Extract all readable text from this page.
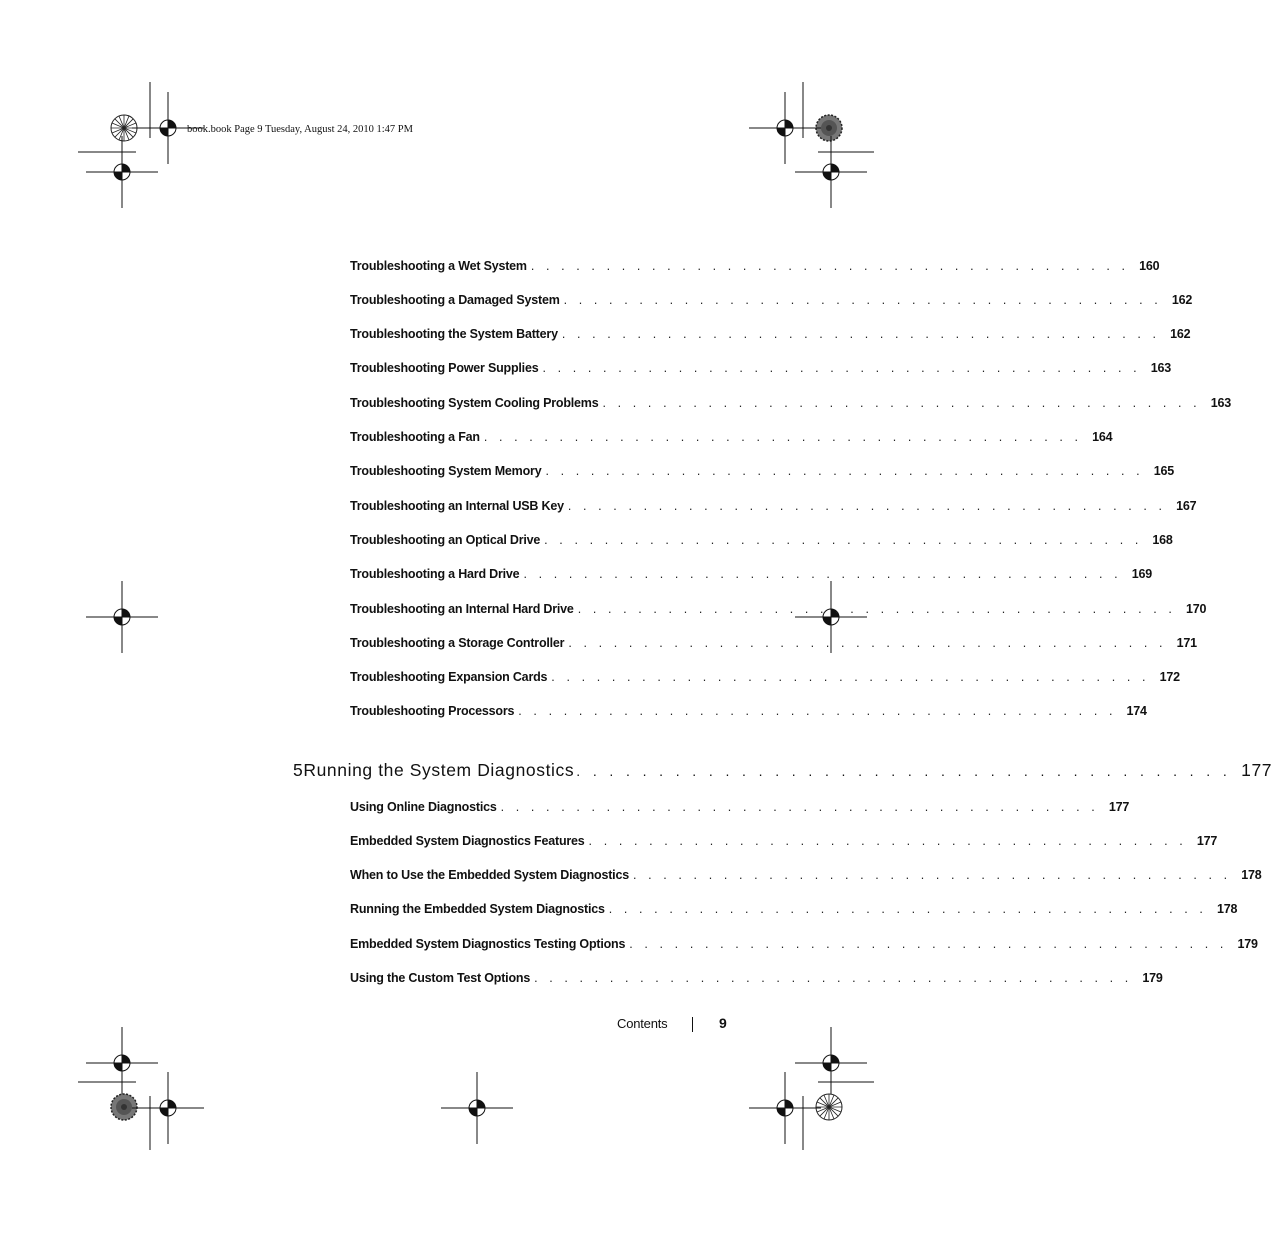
book.book Page 9 Tuesday, August 24, 2010 1:47 PM
Troubleshooting a Wet System . . . . . . . . . . . . . . . . . . . . . . . . . . . . . . . . . . . . . . . . 160
Troubleshooting a Damaged System . . . . . . . . . . . . . . . . . . . . . . . . . . . . . . . . . . . . . . . . 162
Troubleshooting the System Battery . . . . . . . . . . . . . . . . . . . . . . . . . . . . . . . . . . . . . . . . 162
Troubleshooting Power Supplies . . . . . . . . . . . . . . . . . . . . . . . . . . . . . . . . . . . . . . . . 163
Troubleshooting System Cooling Problems . . . . . . . . . . . . . . . . . . . . . . . . . . . . . . . . . . . . . . . . 163
Troubleshooting a Fan . . . . . . . . . . . . . . . . . . . . . . . . . . . . . . . . . . . . . . . . 164
Troubleshooting System Memory . . . . . . . . . . . . . . . . . . . . . . . . . . . . . . . . . . . . . . . . 165
Troubleshooting an Internal USB Key . . . . . . . . . . . . . . . . . . . . . . . . . . . . . . . . . . . . . . . . 167
Troubleshooting an Optical Drive . . . . . . . . . . . . . . . . . . . . . . . . . . . . . . . . . . . . . . . . 168
Troubleshooting a Hard Drive . . . . . . . . . . . . . . . . . . . . . . . . . . . . . . . . . . . . . . . . 169
Troubleshooting an Internal Hard Drive . . . . . . . . . . . . . . . . . . . . . . . . . . . . . . . . . . . . . . . . 170
Troubleshooting a Storage Controller . . . . . . . . . . . . . . . . . . . . . . . . . . . . . . . . . . . . . . . . 171
Troubleshooting Expansion Cards . . . . . . . . . . . . . . . . . . . . . . . . . . . . . . . . . . . . . . . . 172
Troubleshooting Processors . . . . . . . . . . . . . . . . . . . . . . . . . . . . . . . . . . . . . . . . 174
5 Running the System Diagnostics . . . . . . . . . . . . . . . . . . . . . . . . . . . . . . . . . . . . . . . . 177
Using Online Diagnostics . . . . . . . . . . . . . . . . . . . . . . . . . . . . . . . . . . . . . . . . 177
Embedded System Diagnostics Features . . . . . . . . . . . . . . . . . . . . . . . . . . . . . . . . . . . . . . . . 177
When to Use the Embedded System Diagnostics . . . . . . . . . . . . . . . . . . . . . . . . . . . . . . . . . . . . . . . . 178
Running the Embedded System Diagnostics . . . . . . . . . . . . . . . . . . . . . . . . . . . . . . . . . . . . . . . . 178
Embedded System Diagnostics Testing Options . . . . . . . . . . . . . . . . . . . . . . . . . . . . . . . . . . . . . . . . 179
Using the Custom Test Options . . . . . . . . . . . . . . . . . . . . . . . . . . . . . . . . . . . . . . . . 179
Contents	9
